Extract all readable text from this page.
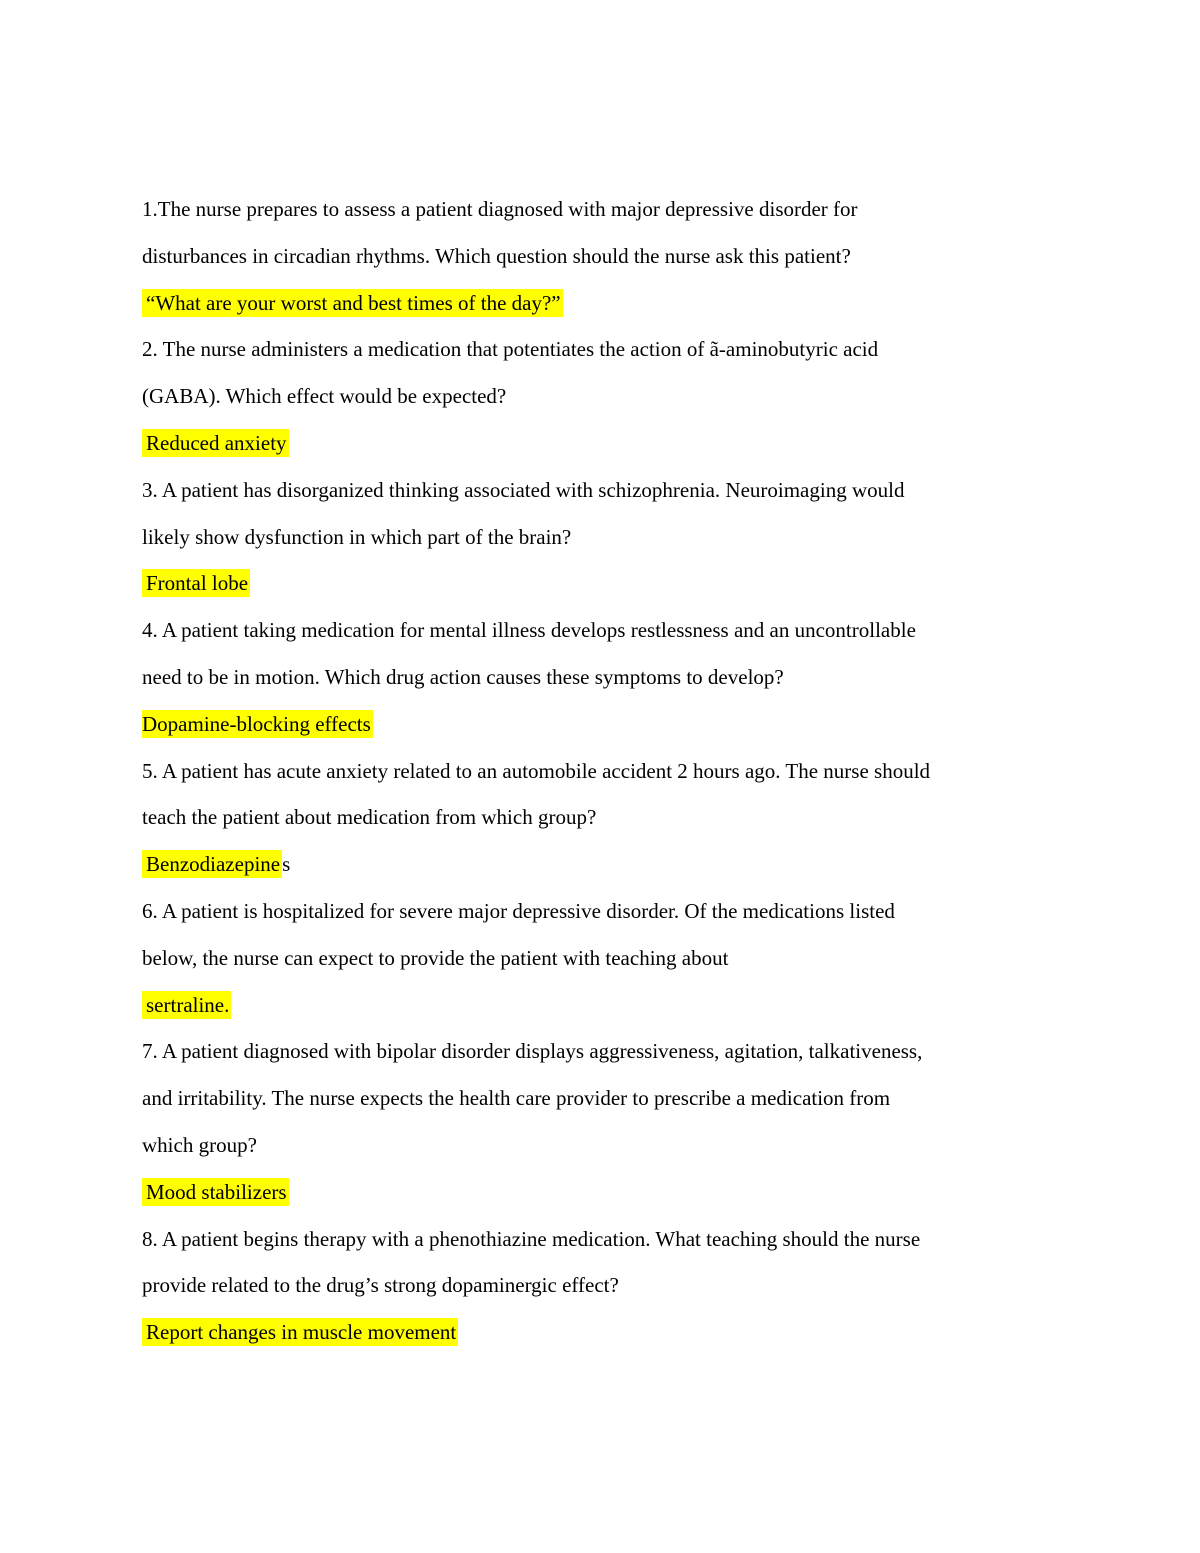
1.The nurse prepares to assess a patient diagnosed with major depressive disorder for
disturbances in circadian rhythms. Which question should the nurse ask this patient?
“What are your worst and best times of the day?”
2. The nurse administers a medication that potentiates the action of ã-aminobutyric acid
(GABA). Which effect would be expected?
Reduced anxiety
3. A patient has disorganized thinking associated with schizophrenia. Neuroimaging would
likely show dysfunction in which part of the brain?
Frontal lobe
4. A patient taking medication for mental illness develops restlessness and an uncontrollable
need to be in motion. Which drug action causes these symptoms to develop?
Dopamine-blocking effects
5. A patient has acute anxiety related to an automobile accident 2 hours ago. The nurse should
teach the patient about medication from which group?
Benzodiazepines
6. A patient is hospitalized for severe major depressive disorder. Of the medications listed
below, the nurse can expect to provide the patient with teaching about
sertraline.
7. A patient diagnosed with bipolar disorder displays aggressiveness, agitation, talkativeness,
and irritability. The nurse expects the health care provider to prescribe a medication from
which group?
Mood stabilizers
8. A patient begins therapy with a phenothiazine medication. What teaching should the nurse
provide related to the drug’s strong dopaminergic effect?
Report changes in muscle movement
